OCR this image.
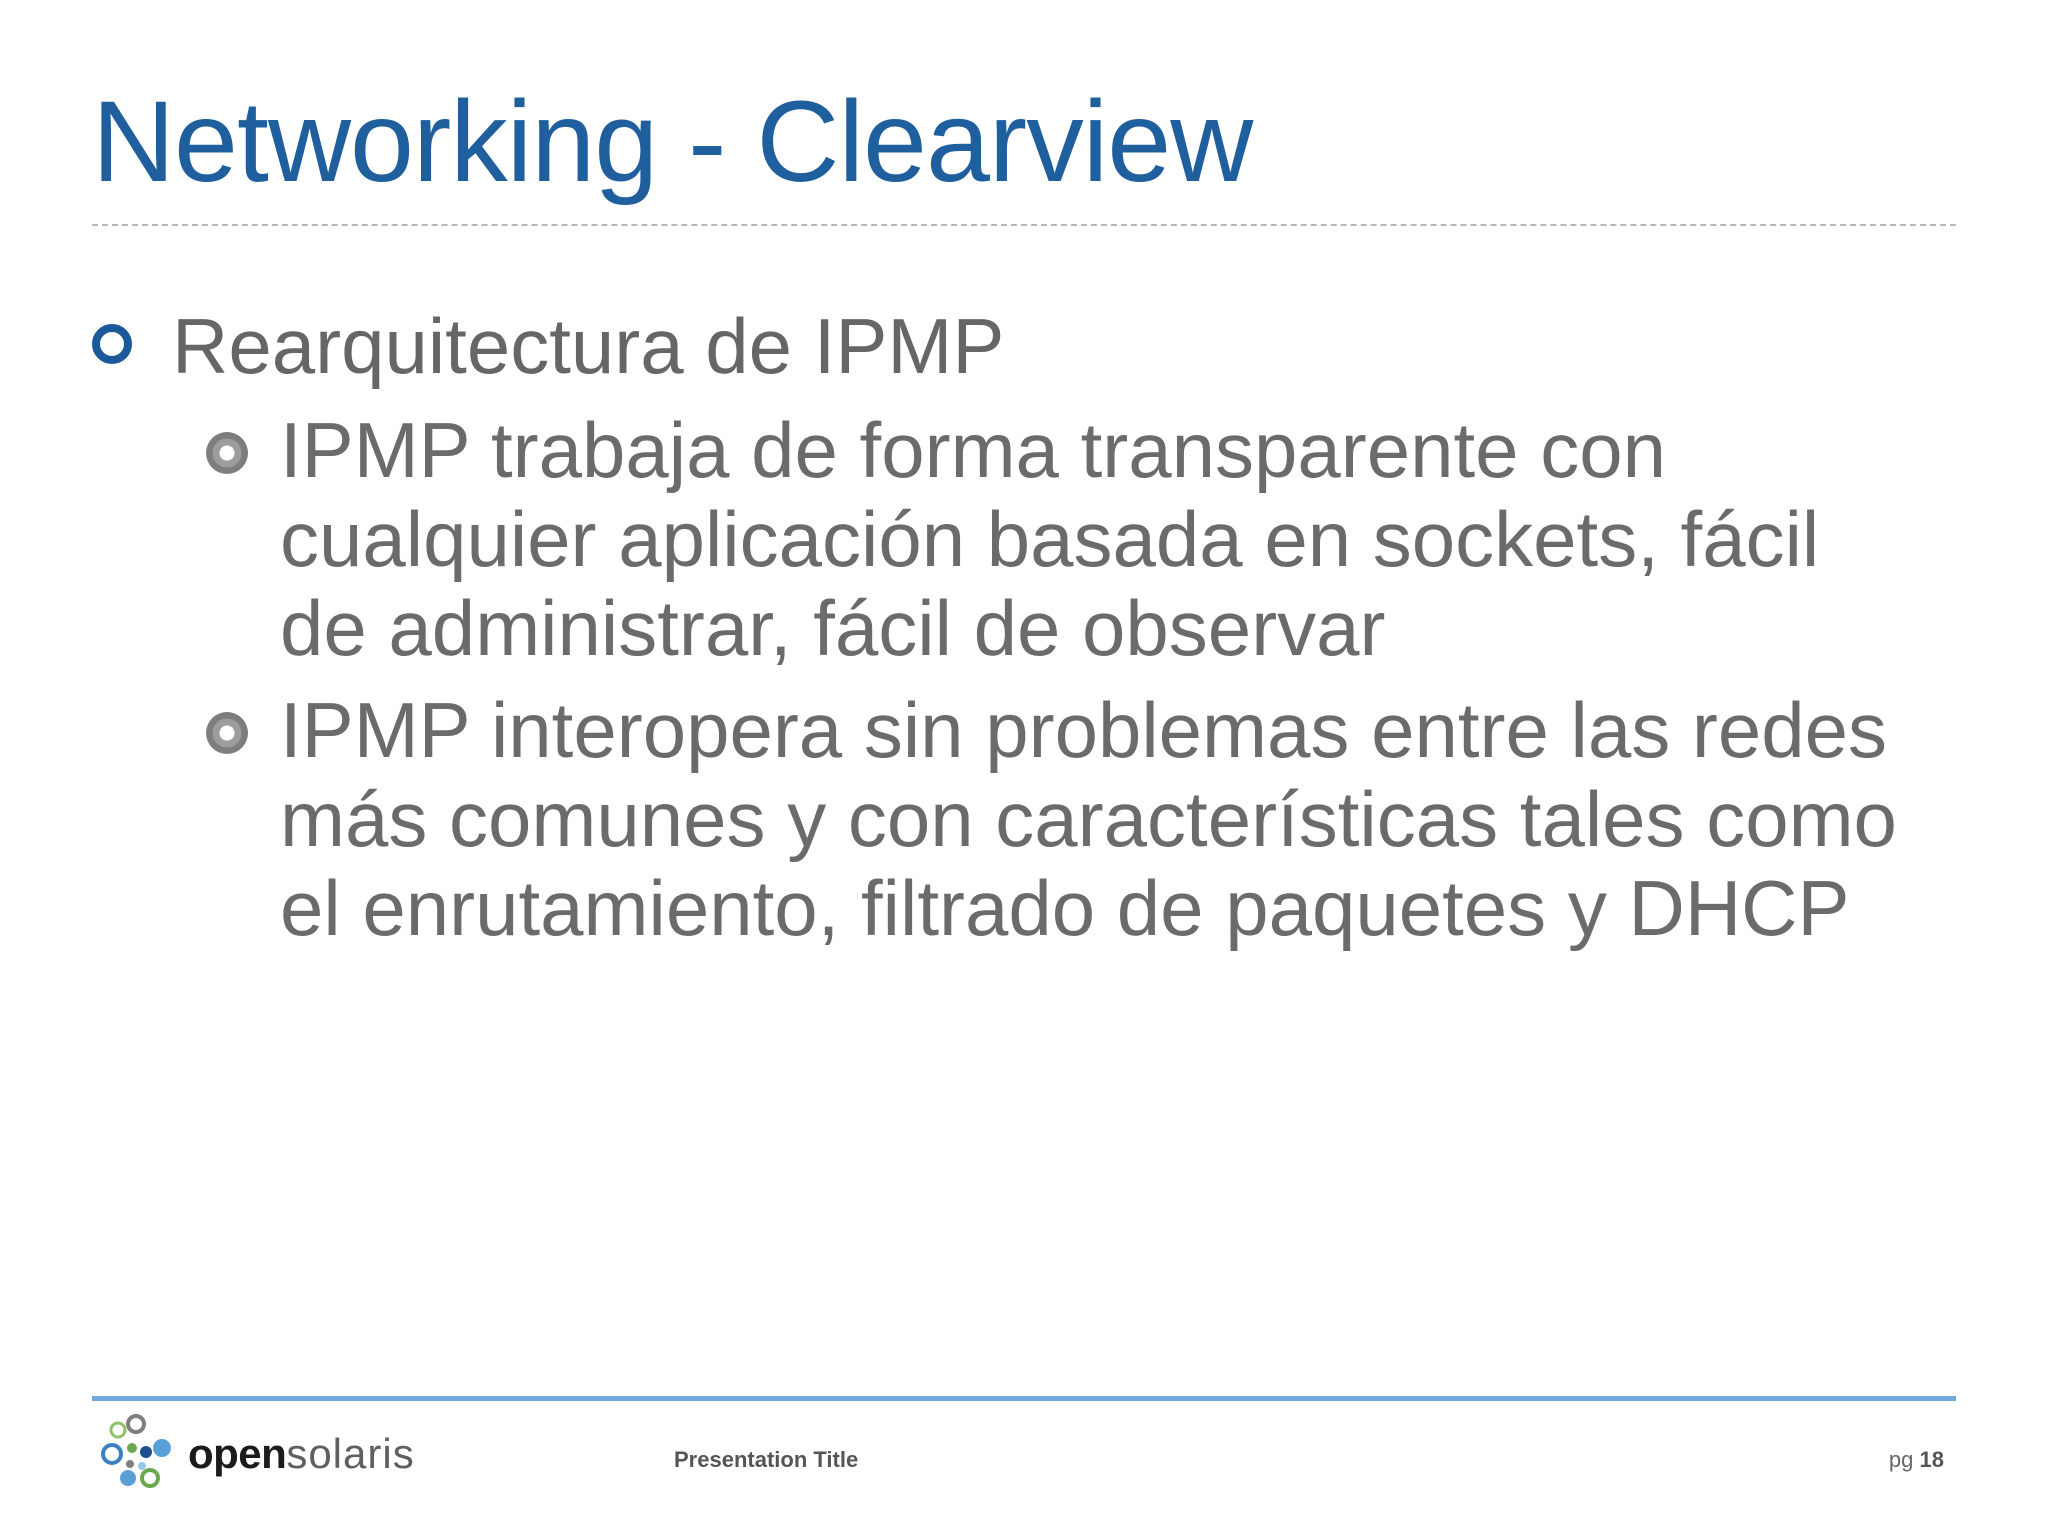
Networking - Clearview
Rearquitectura de IPMP
IPMP trabaja de forma transparente con
cualquier aplicación basada en sockets, fácil
de administrar, fácil de observar
IPMP interopera sin problemas entre las redes
más comunes y con características tales como
el enrutamiento, filtrado de paquetes y DHCP
opensolaris	Presentation Title	pg 18
